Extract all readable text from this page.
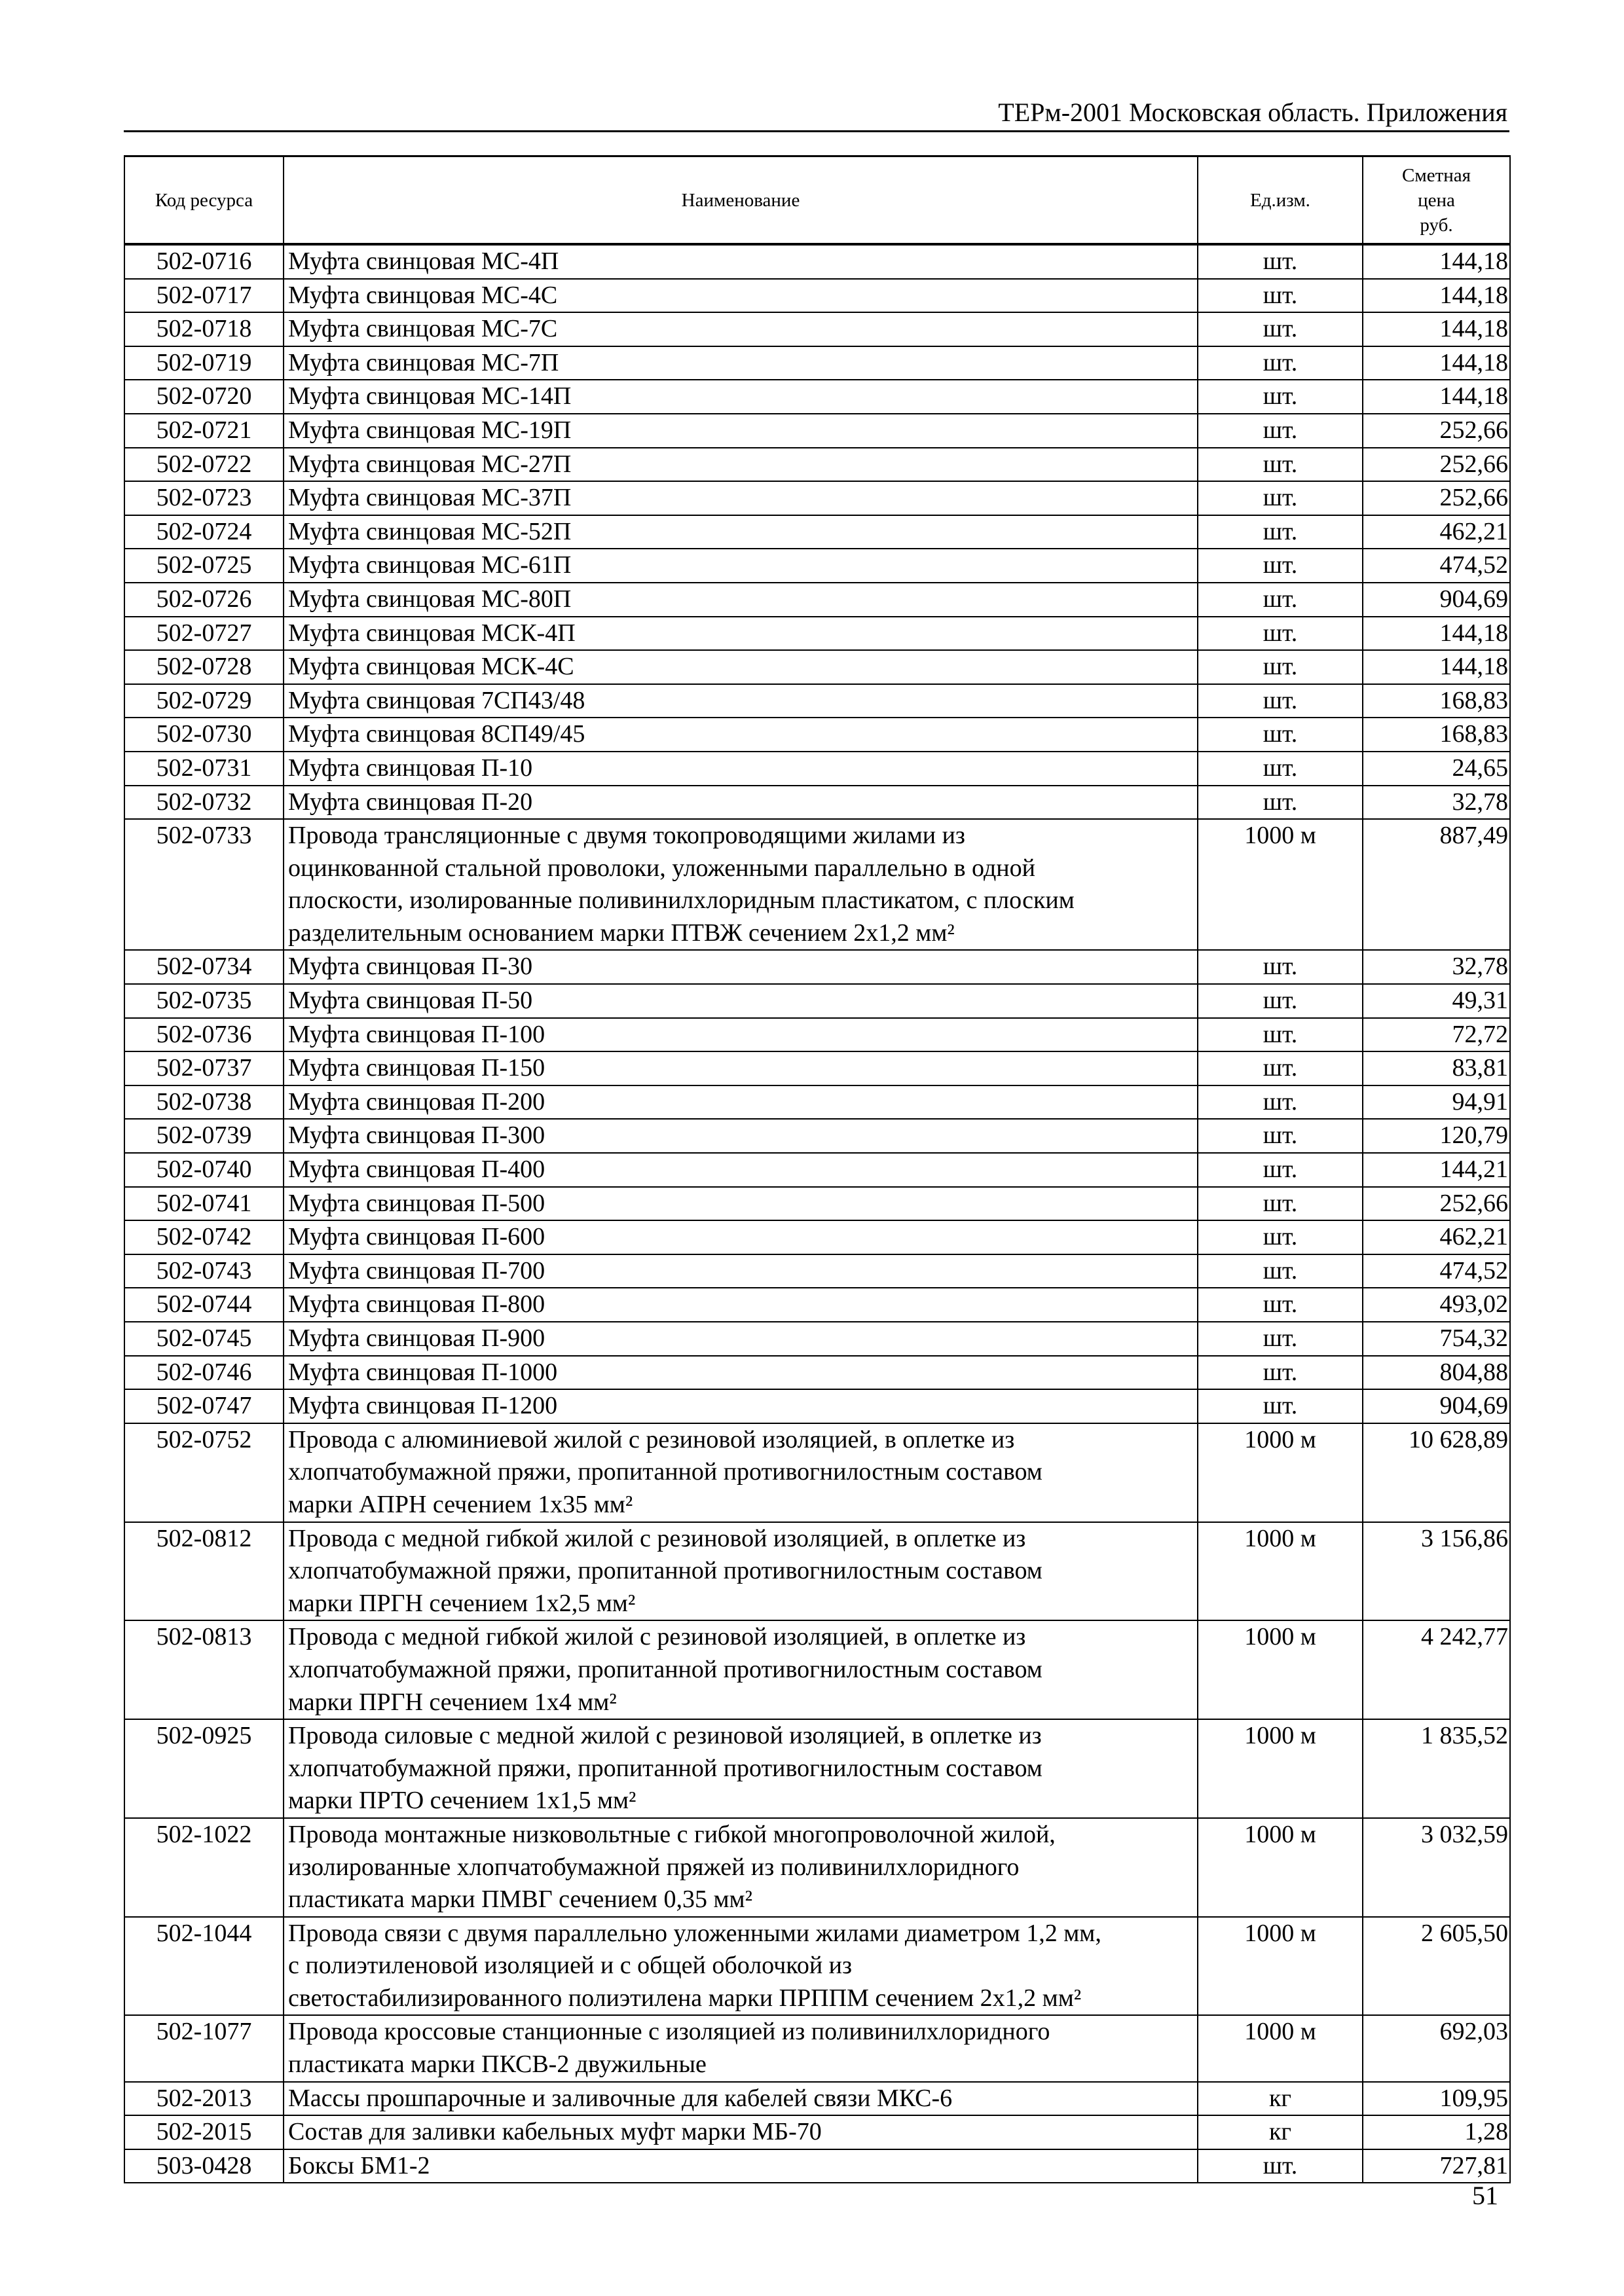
ТЕРм-2001 Московская область. Приложения
Код ресурса	Наименование	Ед.изм.	Сметная
цена
руб.
502-0716	Муфта свинцовая МС-4П	шт.	144,18
502-0717	Муфта свинцовая МС-4С	шт.	144,18
502-0718	Муфта свинцовая МС-7С	шт.	144,18
502-0719	Муфта свинцовая МС-7П	шт.	144,18
502-0720	Муфта свинцовая МС-14П	шт.	144,18
502-0721	Муфта свинцовая МС-19П	шт.	252,66
502-0722	Муфта свинцовая МС-27П	шт.	252,66
502-0723	Муфта свинцовая МС-37П	шт.	252,66
502-0724	Муфта свинцовая МС-52П	шт.	462,21
502-0725	Муфта свинцовая МС-61П	шт.	474,52
502-0726	Муфта свинцовая МС-80П	шт.	904,69
502-0727	Муфта свинцовая МСК-4П	шт.	144,18
502-0728	Муфта свинцовая МСК-4С	шт.	144,18
502-0729	Муфта свинцовая 7СП43/48	шт.	168,83
502-0730	Муфта свинцовая 8СП49/45	шт.	168,83
502-0731	Муфта свинцовая П-10	шт.	24,65
502-0732	Муфта свинцовая П-20	шт.	32,78
502-0733	Провода трансляционные с двумя токопроводящими жилами из
оцинкованной стальной проволоки, уложенными параллельно в одной
плоскости, изолированные поливинилхлоридным пластикатом, с плоским
разделительным основанием марки ПТВЖ сечением 2х1,2 мм²	1000 м	887,49
502-0734	Муфта свинцовая П-30	шт.	32,78
502-0735	Муфта свинцовая П-50	шт.	49,31
502-0736	Муфта свинцовая П-100	шт.	72,72
502-0737	Муфта свинцовая П-150	шт.	83,81
502-0738	Муфта свинцовая П-200	шт.	94,91
502-0739	Муфта свинцовая П-300	шт.	120,79
502-0740	Муфта свинцовая П-400	шт.	144,21
502-0741	Муфта свинцовая П-500	шт.	252,66
502-0742	Муфта свинцовая П-600	шт.	462,21
502-0743	Муфта свинцовая П-700	шт.	474,52
502-0744	Муфта свинцовая П-800	шт.	493,02
502-0745	Муфта свинцовая П-900	шт.	754,32
502-0746	Муфта свинцовая П-1000	шт.	804,88
502-0747	Муфта свинцовая П-1200	шт.	904,69
502-0752	Провода с алюминиевой жилой с резиновой изоляцией, в оплетке из
хлопчатобумажной пряжи, пропитанной противогнилостным составом
марки АПРН сечением 1х35 мм²	1000 м	10 628,89
502-0812	Провода с медной гибкой жилой с резиновой изоляцией, в оплетке из
хлопчатобумажной пряжи, пропитанной противогнилостным составом
марки ПРГН сечением 1х2,5 мм²	1000 м	3 156,86
502-0813	Провода с медной гибкой жилой с резиновой изоляцией, в оплетке из
хлопчатобумажной пряжи, пропитанной противогнилостным составом
марки ПРГН сечением 1х4 мм²	1000 м	4 242,77
502-0925	Провода силовые с медной жилой с резиновой изоляцией, в оплетке из
хлопчатобумажной пряжи, пропитанной противогнилостным составом
марки ПРТО сечением 1х1,5 мм²	1000 м	1 835,52
502-1022	Провода монтажные низковольтные с гибкой многопроволочной жилой,
изолированные хлопчатобумажной пряжей из поливинилхлоридного
пластиката марки ПМВГ сечением 0,35 мм²	1000 м	3 032,59
502-1044	Провода связи с двумя параллельно уложенными жилами диаметром 1,2 мм,
с полиэтиленовой изоляцией и с общей оболочкой из
светостабилизированного полиэтилена марки ПРППМ сечением 2х1,2 мм²	1000 м	2 605,50
502-1077	Провода кроссовые станционные с изоляцией из поливинилхлоридного
пластиката марки ПКСВ-2 двужильные	1000 м	692,03
502-2013	Массы прошпарочные и заливочные для кабелей связи МКС-6	кг	109,95
502-2015	Состав для заливки кабельных муфт марки МБ-70	кг	1,28
503-0428	Боксы БМ1-2	шт.	727,81
51
